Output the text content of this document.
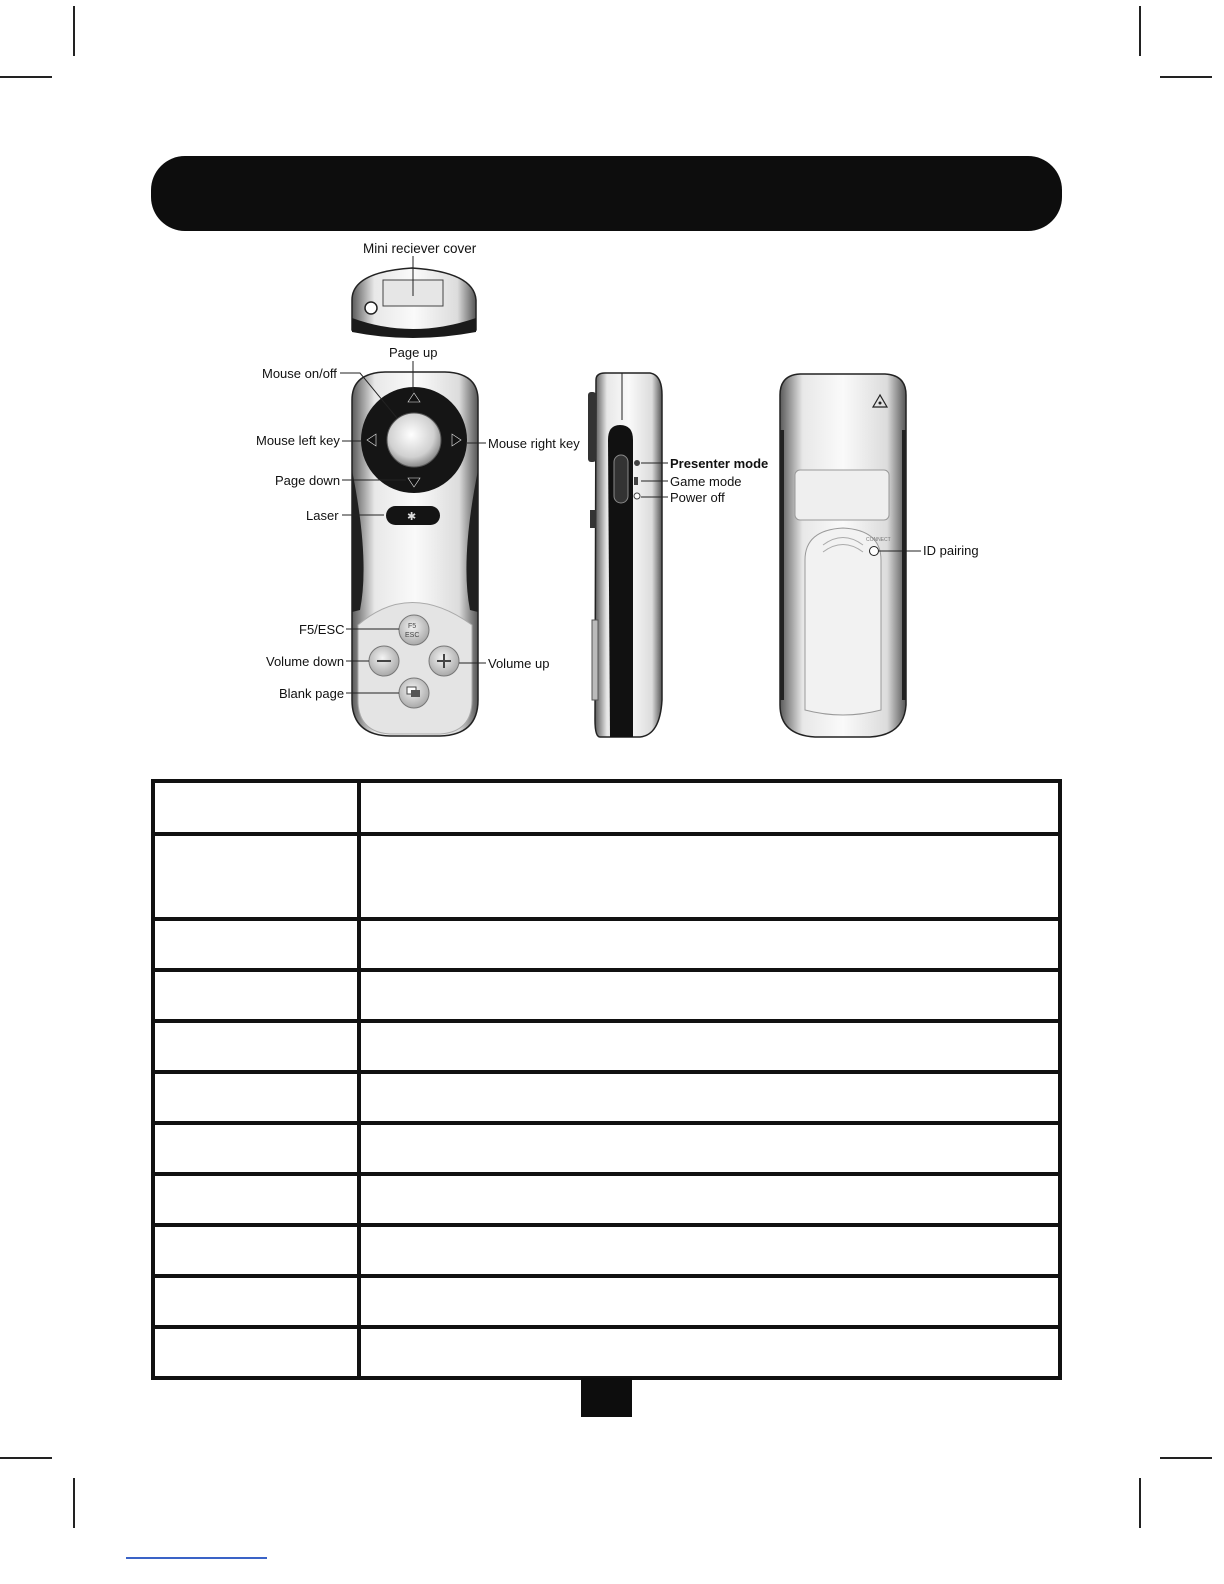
Mini reciever cover
✱
F5
ESC
Page up
Mouse on/off
Mouse left key	Mouse right key
Page down
Laser
F5/ESC
Volume down	Volume up
Blank page
Presenter mode
Game mode
Power off
CONNECT
ID pairing
